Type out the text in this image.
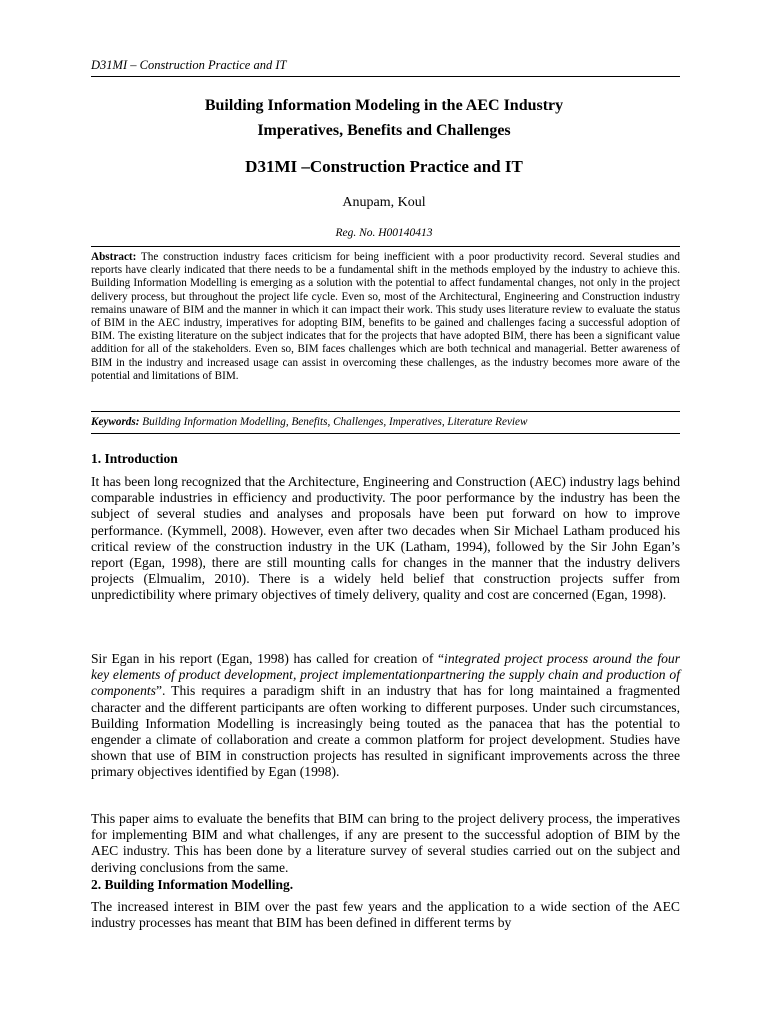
D31MI – Construction Practice and IT
Building Information Modeling in the AEC Industry
Imperatives, Benefits and Challenges
D31MI –Construction Practice and IT
Anupam, Koul
Reg. No. H00140413
Abstract: The construction industry faces criticism for being inefficient with a poor productivity record. Several studies and reports have clearly indicated that there needs to be a fundamental shift in the methods employed by the industry to achieve this. Building Information Modelling is emerging as a solution with the potential to affect fundamental changes, not only in the project delivery process, but throughout the project life cycle. Even so, most of the Architectural, Engineering and Construction industry remains unaware of BIM and the manner in which it can impact their work. This study uses literature review to evaluate the status of BIM in the AEC industry, imperatives for adopting BIM, benefits to be gained and challenges facing a successful adoption of BIM. The existing literature on the subject indicates that for the projects that have adopted BIM, there has been a significant value addition for all of the stakeholders. Even so, BIM faces challenges which are both technical and managerial. Better awareness of BIM in the industry and increased usage can assist in overcoming these challenges, as the industry becomes more aware of the potential and limitations of BIM.
Keywords: Building Information Modelling, Benefits, Challenges, Imperatives, Literature Review
1. Introduction
It has been long recognized that the Architecture, Engineering and Construction (AEC) industry lags behind comparable industries in efficiency and productivity. The poor performance by the industry has been the subject of several studies and analyses and proposals have been put forward on how to improve performance. (Kymmell, 2008). However, even after two decades when Sir Michael Latham produced his critical review of the construction industry in the UK (Latham, 1994), followed by the Sir John Egan’s report (Egan, 1998), there are still mounting calls for changes in the manner that the industry delivers projects (Elmualim, 2010). There is a widely held belief that construction projects suffer from unpredictibility where primary objectives of timely delivery, quality and cost are concerned (Egan, 1998).
Sir Egan in his report (Egan, 1998) has called for creation of “integrated project process around the four key elements of product development, project implementationpartnering the supply chain and production of components”. This requires a paradigm shift in an industry that has for long maintained a fragmented character and the different participants are often working to different purposes. Under such circumstances, Building Information Modelling is increasingly being touted as the panacea that has the potential to engender a climate of collaboration and create a common platform for project development. Studies have shown that use of BIM in construction projects has resulted in significant improvements across the three primary objectives identified by Egan (1998).
This paper aims to evaluate the benefits that BIM can bring to the project delivery process, the imperatives for implementing BIM and what challenges, if any are present to the successful adoption of BIM by the AEC industry. This has been done by a literature survey of several studies carried out on the subject and deriving conclusions from the same.
2. Building Information Modelling.
The increased interest in BIM over the past few years and the application to a wide section of the AEC industry processes has meant that BIM has been defined in different terms by
